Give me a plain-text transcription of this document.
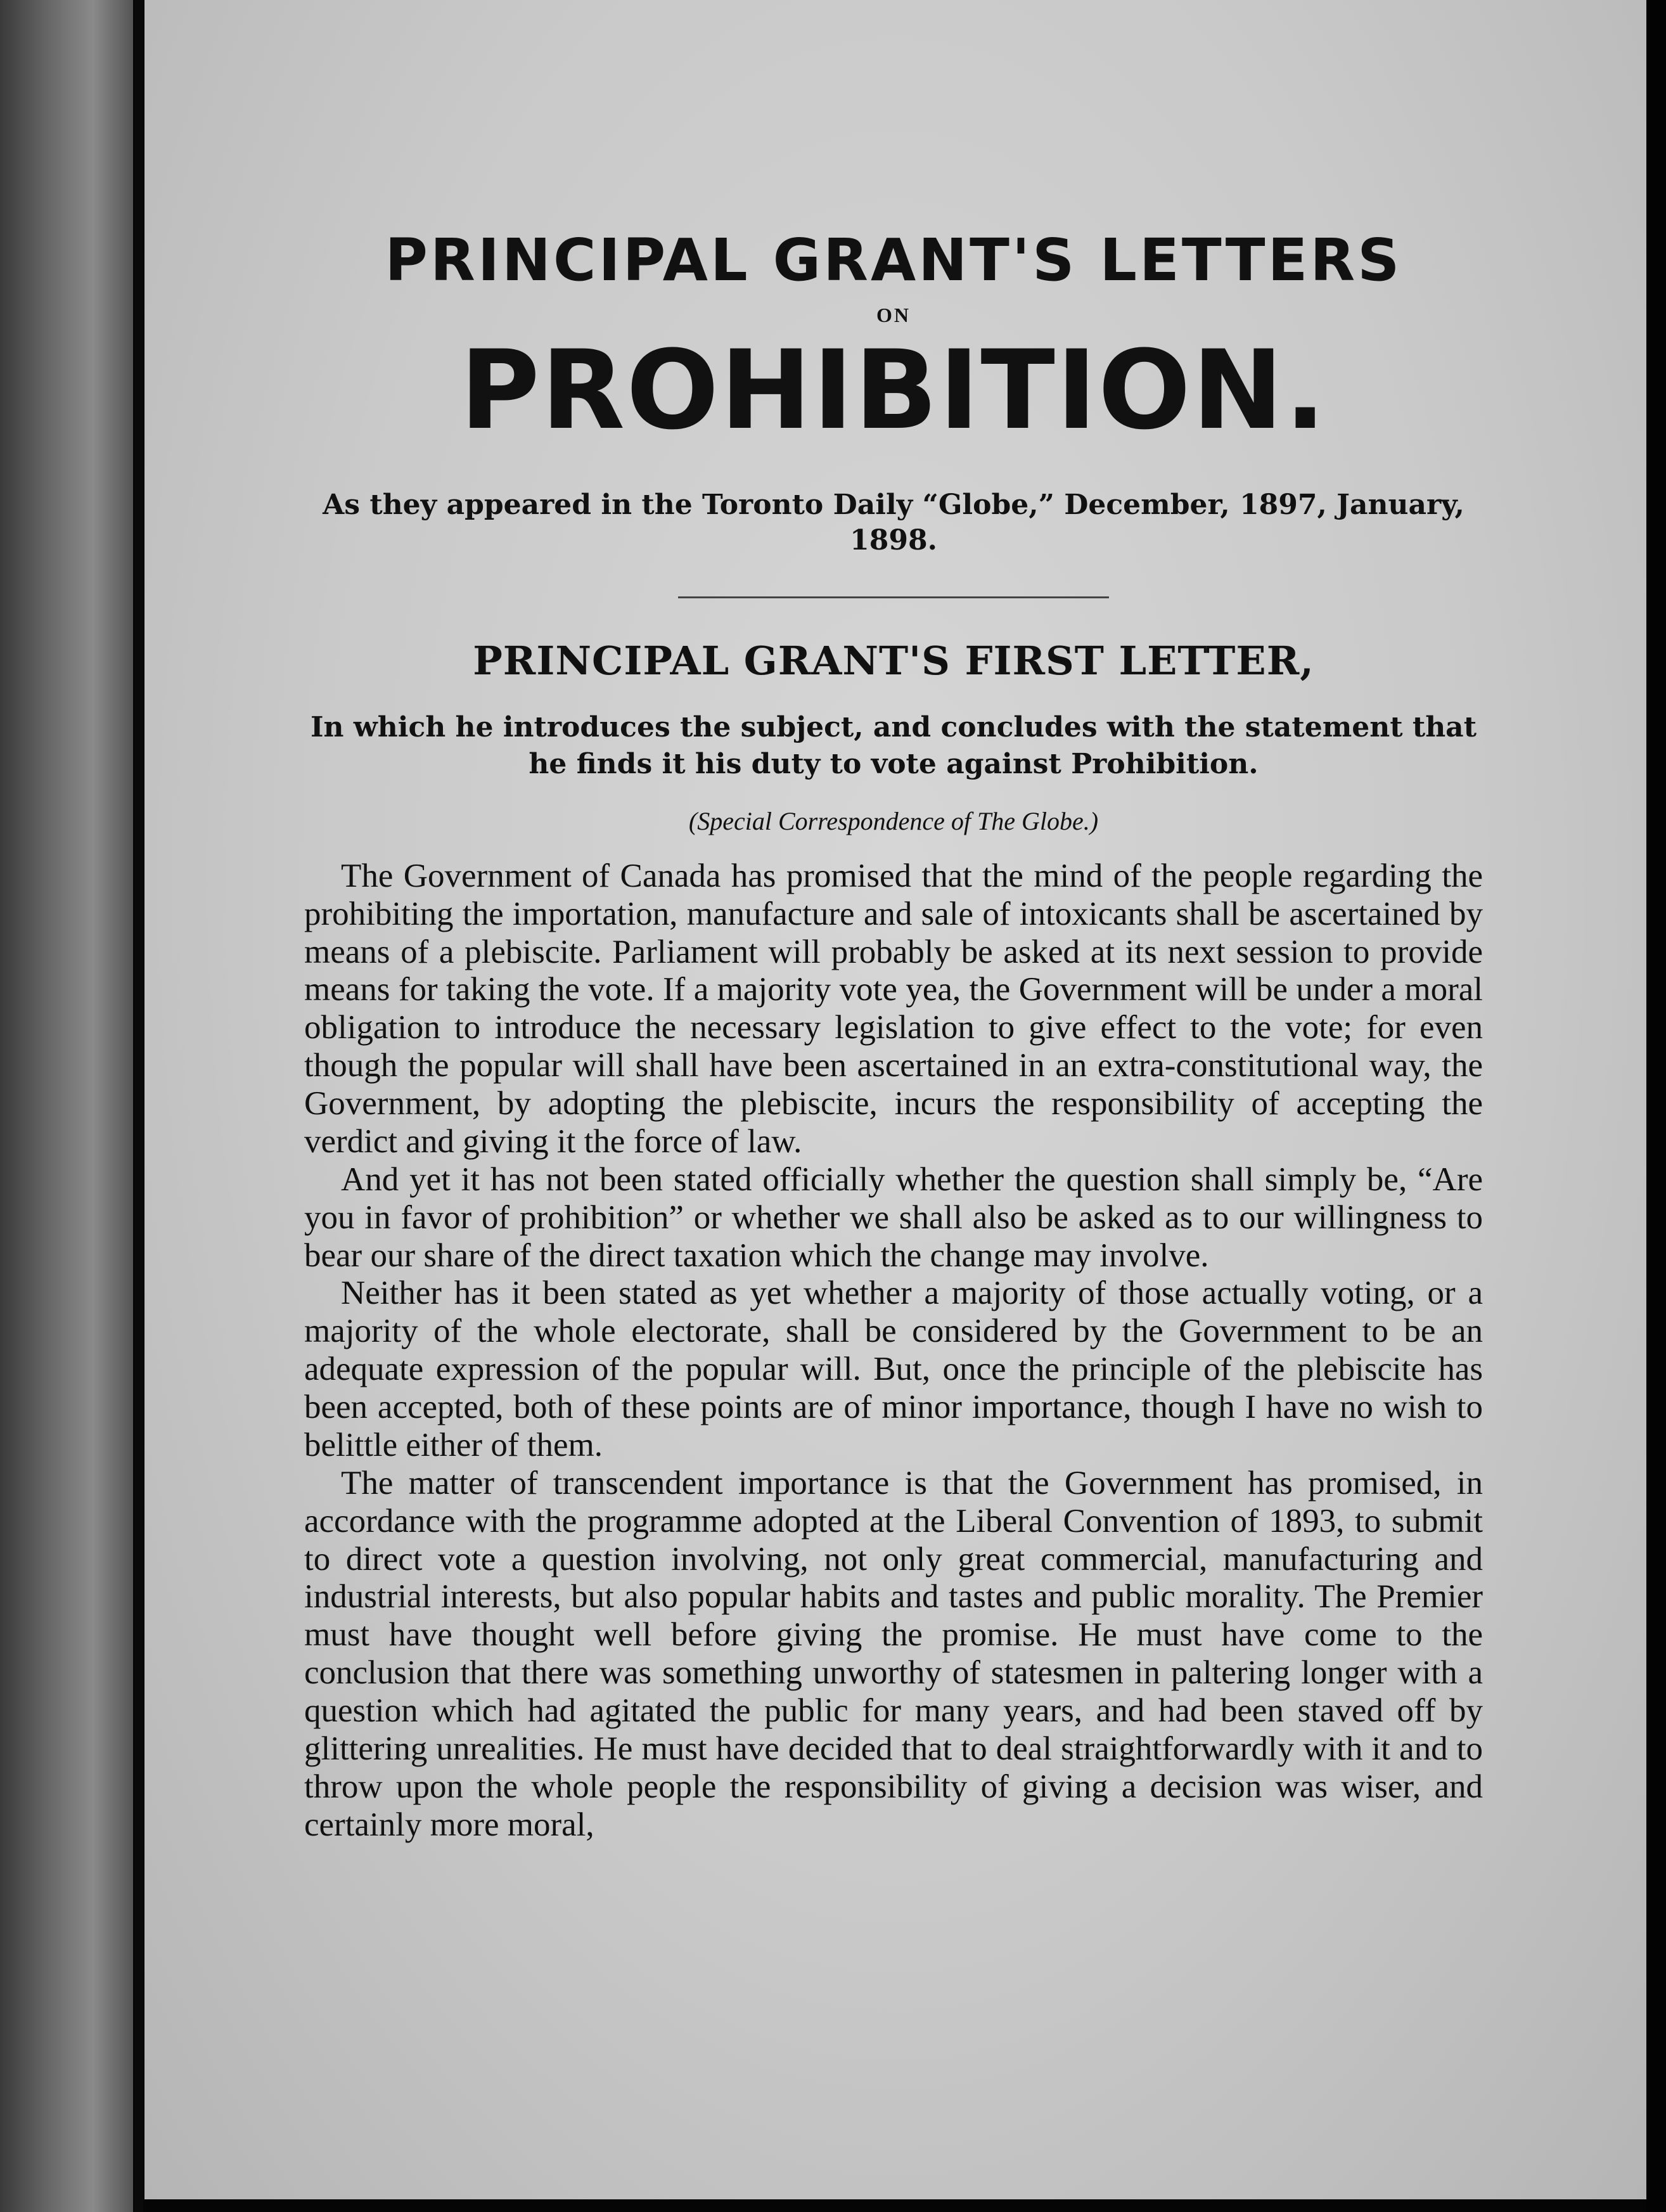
PRINCIPAL GRANT'S LETTERS
ON
PROHIBITION.
As they appeared in the Toronto Daily “Globe,” December, 1897, January, 1898.
PRINCIPAL GRANT'S FIRST LETTER,
In which he introduces the subject, and concludes with the statement that he finds it his duty to vote against Prohibition.
(Special Correspondence of The Globe.)

The Government of Canada has promised that the mind of the people regarding the prohibiting the importation, manufacture and sale of intoxicants shall be ascertained by means of a plebiscite. Parliament will probably be asked at its next session to provide means for taking the vote. If a majority vote yea, the Government will be under a moral obligation to introduce the necessary legislation to give effect to the vote; for even though the popular will shall have been ascertained in an extra-constitutional way, the Government, by adopting the plebiscite, incurs the responsibility of accepting the verdict and giving it the force of law.

And yet it has not been stated officially whether the question shall simply be, “Are you in favor of prohibition” or whether we shall also be asked as to our willingness to bear our share of the direct taxation which the change may involve.

Neither has it been stated as yet whether a majority of those actually voting, or a majority of the whole electorate, shall be considered by the Government to be an adequate expression of the popular will. But, once the principle of the plebiscite has been accepted, both of these points are of minor importance, though I have no wish to belittle either of them.

The matter of transcendent importance is that the Government has promised, in accordance with the programme adopted at the Liberal Convention of 1893, to submit to direct vote a question involving, not only great commercial, manufacturing and industrial interests, but also popular habits and tastes and public morality. The Premier must have thought well before giving the promise. He must have come to the conclusion that there was something unworthy of statesmen in paltering longer with a question which had agitated the public for many years, and had been staved off by glittering unrealities. He must have decided that to deal straightforwardly with it and to throw upon the whole people the responsibility of giving a decision was wiser, and certainly more moral,
